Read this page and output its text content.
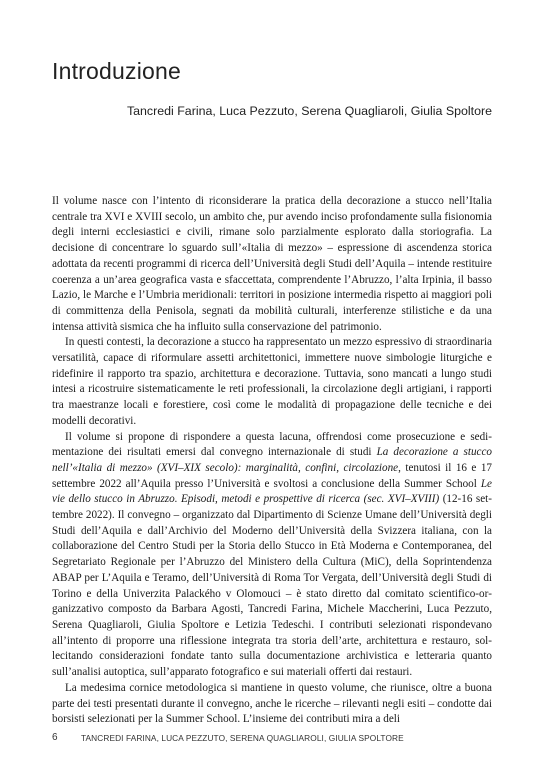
Introduzione
Tancredi Farina, Luca Pezzuto, Serena Quagliaroli, Giulia Spoltore

Il volume nasce con l’intento di riconsiderare la pratica della decorazione a stucco nell’Italia centrale tra XVI e XVIII secolo, un ambito che, pur avendo inciso profondamente sulla fisionomia degli interni ecclesiastici e civili, rimane solo parzialmente esplorato dalla storiografia. La decisione di concentrare lo sguardo sull’«Italia di mezzo» – espressione di ascendenza storica adottata da recenti programmi di ricerca dell’Università degli Studi dell’Aquila – intende restituire coerenza a un’area geografica vasta e sfaccettata, comprendente l’Abruzzo, l’alta Irpinia, il basso Lazio, le Marche e l’Umbria meridionali: territori in posizione intermedia rispetto ai maggiori poli di committenza della Penisola, segnati da mobilità culturali, interferenze stilistiche e da una intensa attività sismica che ha influito sulla conservazione del patrimonio.

In questi contesti, la decorazione a stucco ha rappresentato un mezzo espressivo di straordinaria versatilità, capace di riformulare assetti architettonici, immettere nuove simbologie liturgiche e ridefinire il rapporto tra spazio, architettura e decorazione. Tuttavia, sono mancati a lungo studi intesi a ricostruire sistematicamente le reti professionali, la circolazione degli artigiani, i rapporti tra maestranze locali e forestiere, così come le modalità di propagazione delle tecniche e dei modelli decorativi.

Il volume si propone di rispondere a questa lacuna, offrendosi come prosecuzione e sedimentazione dei risultati emersi dal convegno internazionale di studi La decorazione a stucco nell’«Italia di mezzo» (XVI–XIX secolo): marginalità, confini, circolazione, tenutosi il 16 e 17 settembre 2022 all’Aquila presso l’Università e svoltosi a conclusione della Summer School Le vie dello stucco in Abruzzo. Episodi, metodi e prospettive di ricerca (sec. XVI–XVIII) (12-16 settembre 2022). Il convegno – organizzato dal Dipartimento di Scienze Umane dell’Università degli Studi dell’Aquila e dall’Archivio del Moderno dell’Università della Svizzera italiana, con la collaborazione del Centro Studi per la Storia dello Stucco in Età Moderna e Contemporanea, del Segretariato Regionale per l’Abruzzo del Ministero della Cultura (MiC), della Soprintendenza ABAP per L’Aquila e Teramo, dell’Università di Roma Tor Vergata, dell’Università degli Studi di Torino e della Univerzita Palackého v Olomouci – è stato diretto dal comitato scientifico-organizzativo composto da Barbara Agosti, Tancredi Farina, Michele Maccherini, Luca Pezzuto, Serena Quagliaroli, Giulia Spoltore e Letizia Tedeschi. I contributi selezionati rispondevano all’intento di proporre una riflessione integrata tra storia dell’arte, architettura e restauro, sollecitando considerazioni fondate tanto sulla documentazione archivistica e letteraria quanto sull’analisi autoptica, sull’apparato fotografico e sui materiali offerti dai restauri.

La medesima cornice metodologica si mantiene in questo volume, che riunisce, oltre a buona parte dei testi presentati durante il convegno, anche le ricerche – rilevanti negli esiti – condotte dai borsisti selezionati per la Summer School. L’insieme dei contributi mira a deli

6	TANCREDI FARINA, LUCA PEZZUTO, SERENA QUAGLIAROLI, GIULIA SPOLTORE
